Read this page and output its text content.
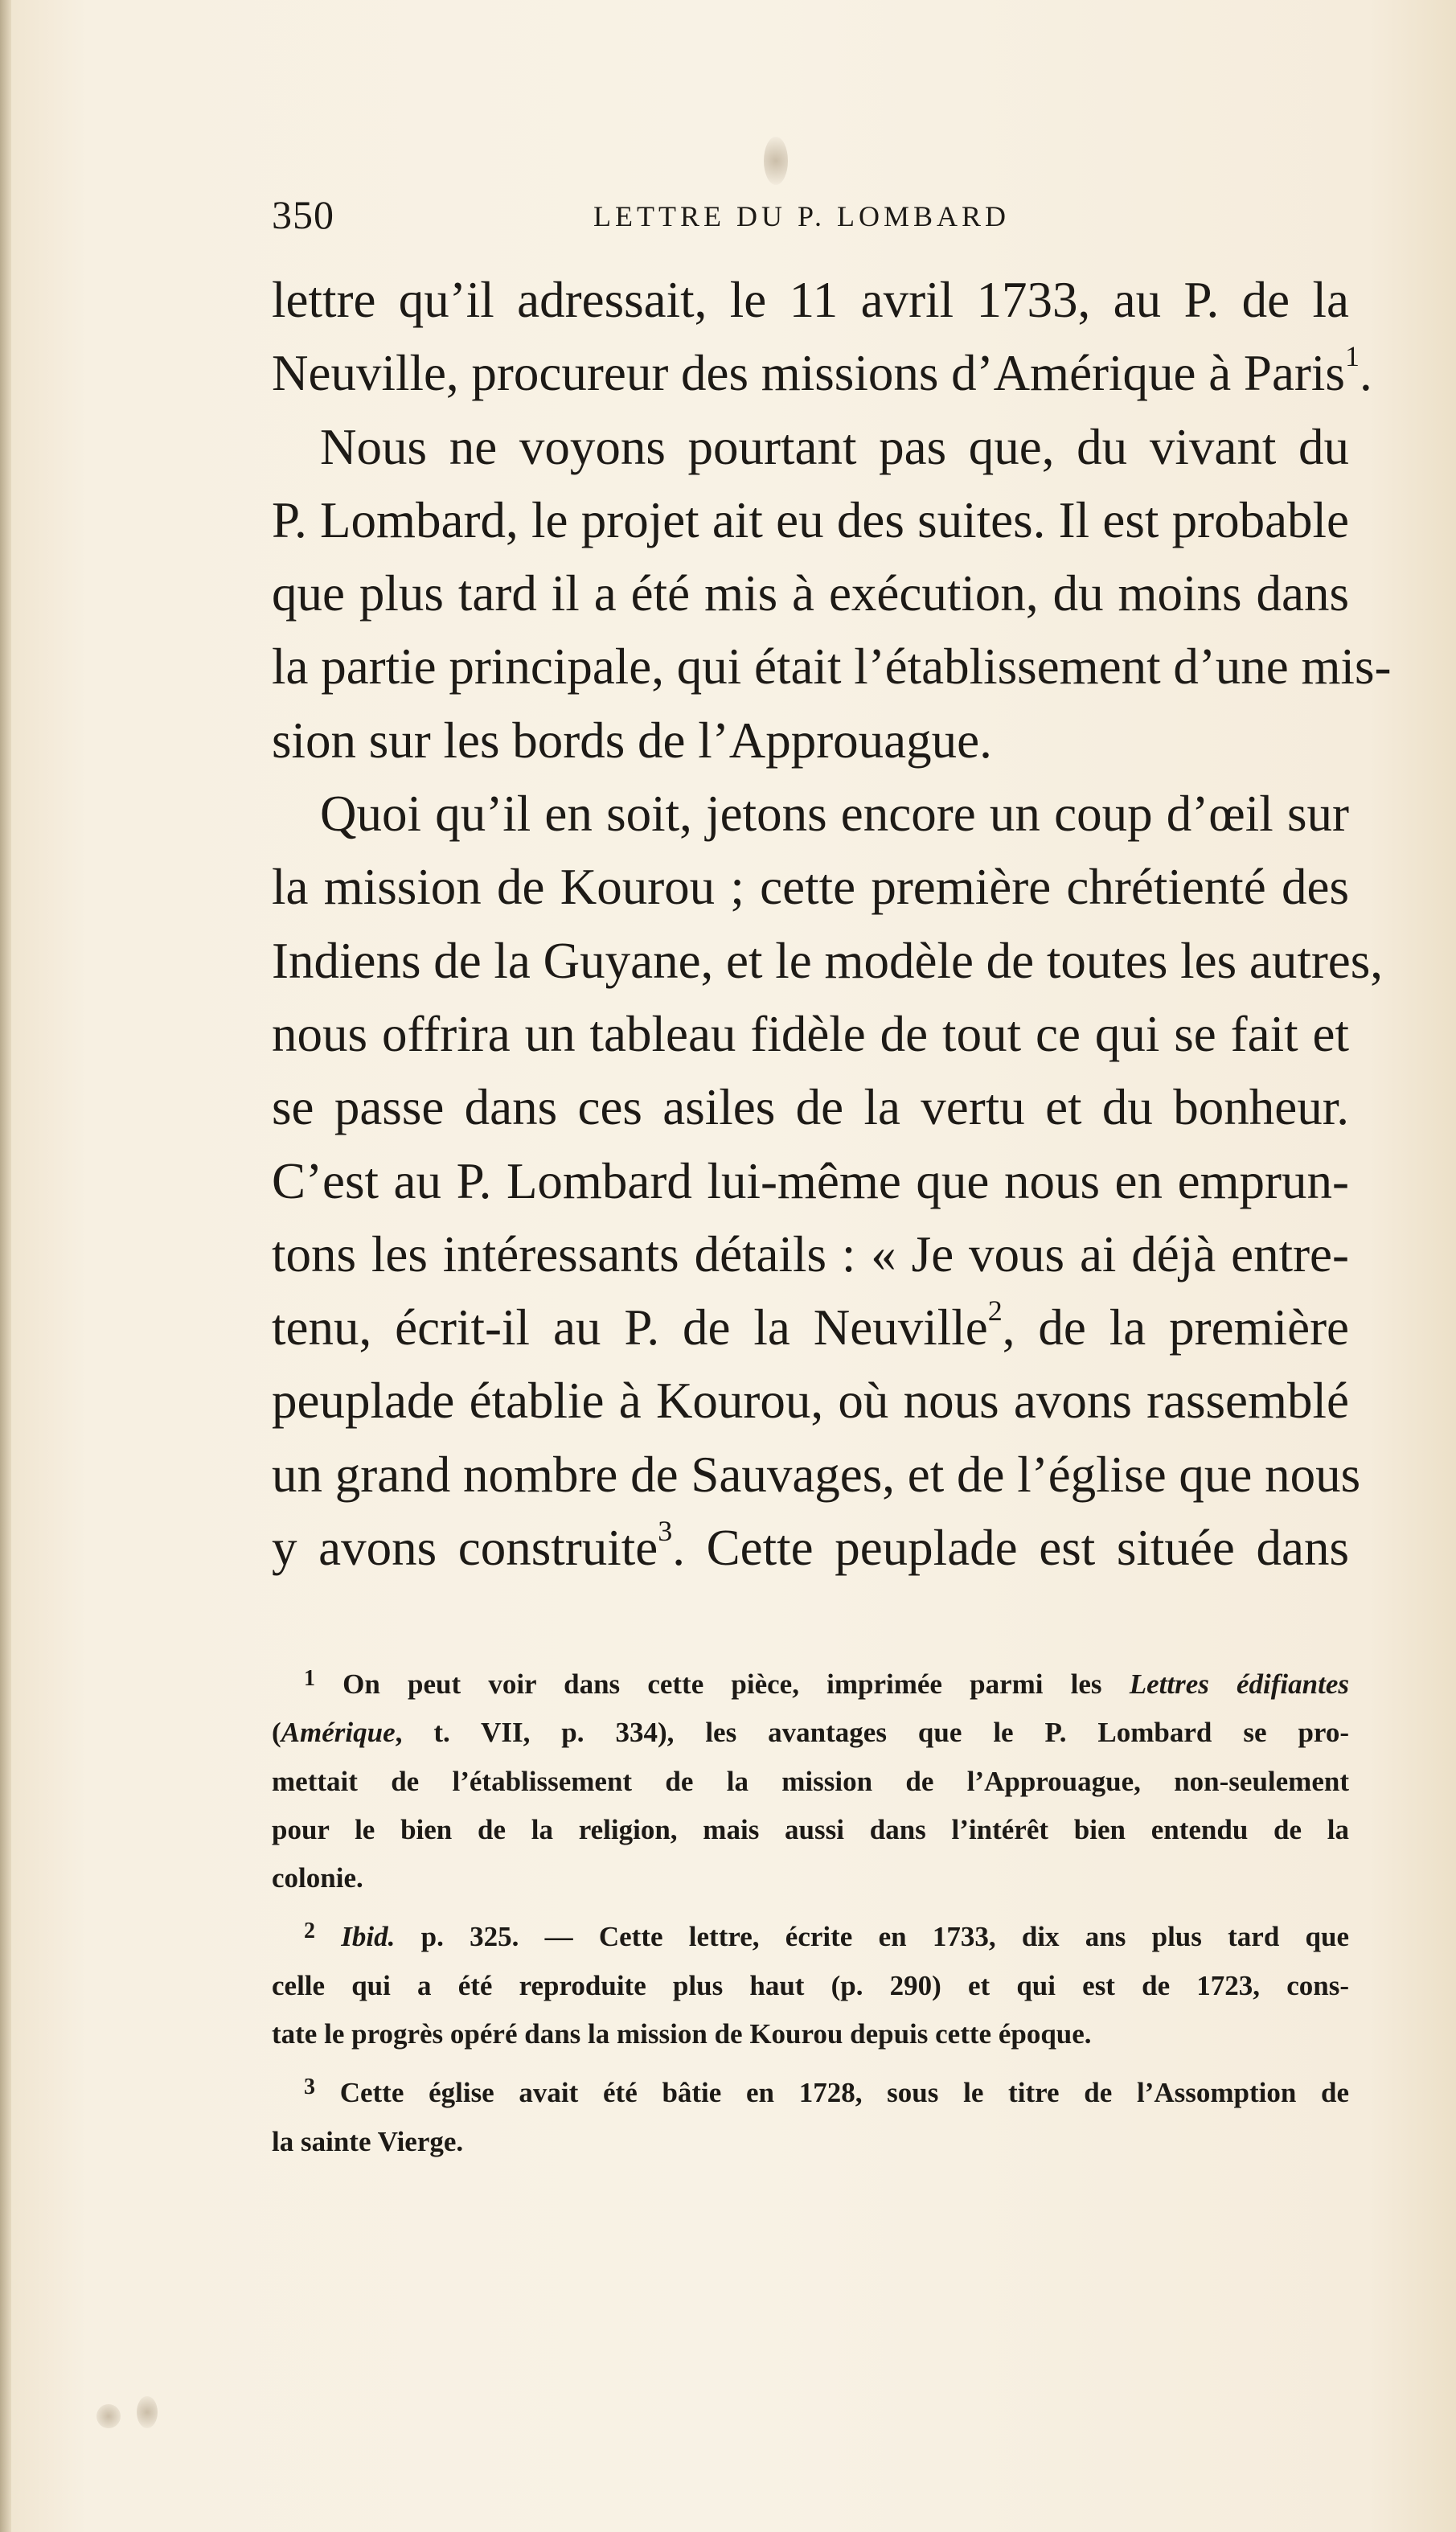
350	LETTRE DU P. LOMBARD

lettre qu’il adressait, le 11 avril 1733, au P. de la
Neuville, procureur des missions d’Amérique à Paris$^1$.

Nous ne voyons pourtant pas que, du vivant du
P. Lombard, le projet ait eu des suites. Il est probable
que plus tard il a été mis à exécution, du moins dans
la partie principale, qui était l’établissement d’une mis-
sion sur les bords de l’Approuague.

Quoi qu’il en soit, jetons encore un coup d’œil sur
la mission de Kourou ; cette première chrétienté des
Indiens de la Guyane, et le modèle de toutes les autres,
nous offrira un tableau fidèle de tout ce qui se fait et
se passe dans ces asiles de la vertu et du bonheur.
C’est au P. Lombard lui-même que nous en emprun-
tons les intéressants détails : « Je vous ai déjà entre-
tenu, écrit-il au P. de la Neuville$^2$, de la première
peuplade établie à Kourou, où nous avons rassemblé
un grand nombre de Sauvages, et de l’église que nous
y avons construite$^3$. Cette peuplade est située dans

$^1$ On peut voir dans cette pièce, imprimée parmi les Lettres édifiantes
(Amérique, t. VII, p. 334), les avantages que le P. Lombard se pro-
mettait de l’établissement de la mission de l’Approuague, non-seulement
pour le bien de la religion, mais aussi dans l’intérêt bien entendu de la
colonie.
$^2$ Ibid. p. 325. — Cette lettre, écrite en 1733, dix ans plus tard que
celle qui a été reproduite plus haut (p. 290) et qui est de 1723, cons-
tate le progrès opéré dans la mission de Kourou depuis cette époque.
$^3$ Cette église avait été bâtie en 1728, sous le titre de l’Assomption de
la sainte Vierge.
